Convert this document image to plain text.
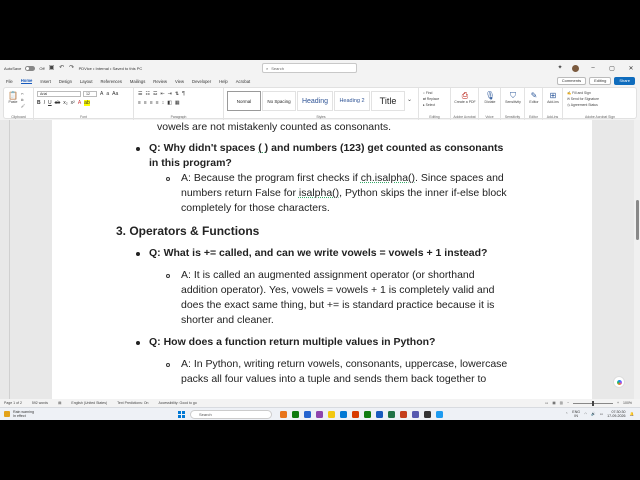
AutoSave	Off ▣ ↶ ↷ PDVice • Internal • Saved to this PC	⌕ Search	✦	–	▢	✕
File Home Insert Design Layout References Mailings Review View Developer Help Acrobat	Comments	Editing	Share
📋
Paste
✂
⧉
🖌
Clipboard
Arial	12	A a Aa
B I U ab x₂ x² A ab
Font
☰ ☷ ☲ ⇤ ⇥ ⇅ ¶
≡ ≡ ≡ ≡ ↕ ◧ ▦
Paragraph
Normal	No Spacing	Heading	Heading 2	Title	⌄
Styles
⌕ Find
⇄ Replace
▸ Select
Editing
⎙
Create a PDF
Adobe Acrobat
🎙
Dictate
Voice
⛉
Sensitivity
Sensitivity
✎
Editor
Editor
⊞
Add-ins
Add-ins
✍ Fill and Sign
✉ Send for Signature
◷ Agreement Status
Adobe Acrobat Sign
vowels are not mistakenly counted as consonants.
Q: Why didn't spaces ( ) and numbers (123) get counted as consonants
in this program?
A: Because the program first checks if ch.isalpha(). Since spaces and
numbers return False for isalpha(), Python skips the inner if-else block
completely for those characters.
3. Operators & Functions
Q: What is += called, and can we write vowels = vowels + 1 instead?
A: It is called an augmented assignment operator (or shorthand
addition operator). Yes, vowels = vowels + 1 is completely valid and
does the exact same thing, but += is standard practice because it is
shorter and cleaner.
Q: How does a function return multiple values in Python?
A: In Python, writing return vowels, consonants, uppercase, lowercase
packs all four values into a tuple and sends them back together to
Page 1 of 2	592 words	▤	English (United States)	Text Predictions: On	Accessibility: Good to go	▭ ▦ ▥ −	+ 100%
Rain warning
In effect	Search	⌃
ENG
IN	◠ 🔊 ▭
07:30:30
17-09-2026 🔔
